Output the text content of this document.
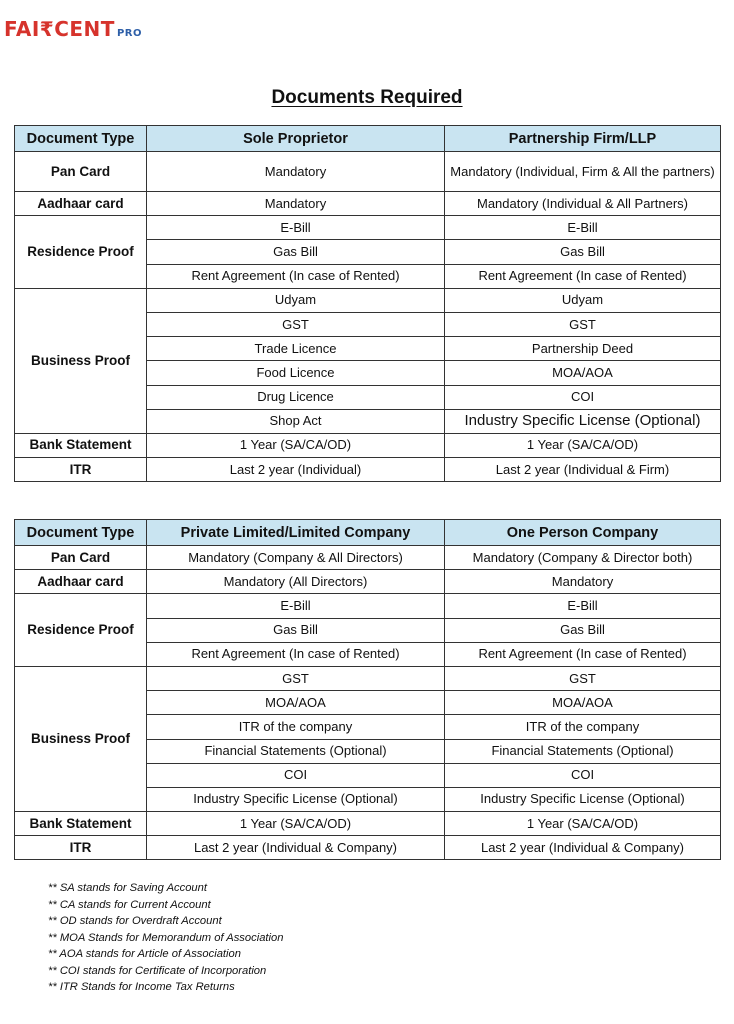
FAI₹CENT PRO
Documents Required
Document Type	Sole Proprietor	Partnership Firm/LLP
Pan Card	Mandatory	Mandatory (Individual, Firm & All the partners)
Aadhaar card	Mandatory	Mandatory (Individual & All Partners)
Residence Proof	E-Bill	E-Bill
	Gas Bill	Gas Bill
	Rent Agreement (In case of Rented)	Rent Agreement (In case of Rented)
Business Proof	Udyam	Udyam
	GST	GST
	Trade Licence	Partnership Deed
	Food Licence	MOA/AOA
	Drug Licence	COI
	Shop Act	Industry Specific License (Optional)
Bank Statement	1 Year (SA/CA/OD)	1 Year (SA/CA/OD)
ITR	Last 2 year (Individual)	Last 2 year (Individual & Firm)
Document Type	Private Limited/Limited Company	One Person Company
Pan Card	Mandatory (Company & All Directors)	Mandatory (Company & Director both)
Aadhaar card	Mandatory (All Directors)	Mandatory
Residence Proof	E-Bill	E-Bill
	Gas Bill	Gas Bill
	Rent Agreement (In case of Rented)	Rent Agreement (In case of Rented)
Business Proof	GST	GST
	MOA/AOA	MOA/AOA
	ITR of the company	ITR of the company
	Financial Statements (Optional)	Financial Statements (Optional)
	COI	COI
	Industry Specific License (Optional)	Industry Specific License (Optional)
Bank Statement	1 Year (SA/CA/OD)	1 Year (SA/CA/OD)
ITR	Last 2 year (Individual & Company)	Last 2 year (Individual & Company)
** SA stands for Saving Account
** CA stands for Current Account
** OD stands for Overdraft Account
** MOA Stands for Memorandum of Association
** AOA stands for Article of Association
** COI stands for Certificate of Incorporation
** ITR Stands for Income Tax Returns
